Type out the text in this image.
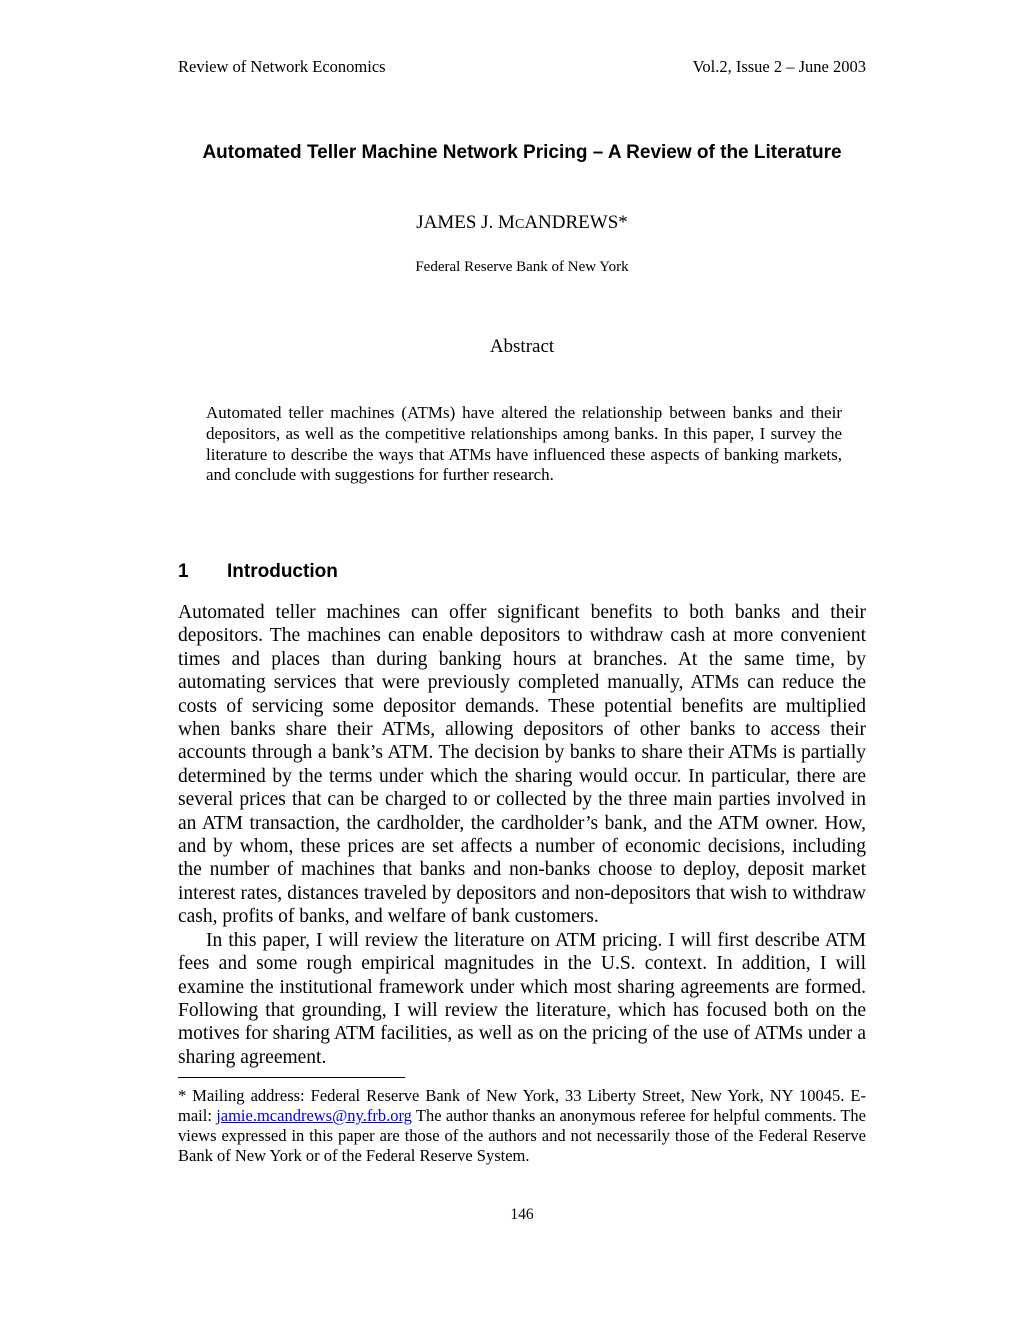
Review of Network Economics	Vol.2, Issue 2 – June 2003
Automated Teller Machine Network Pricing – A Review of the Literature
JAMES J. MCANDREWS*
Federal Reserve Bank of New York
Abstract
Automated teller machines (ATMs) have altered the relationship between banks and their depositors, as well as the competitive relationships among banks. In this paper, I survey the literature to describe the ways that ATMs have influenced these aspects of banking markets, and conclude with suggestions for further research.
1 Introduction

Automated teller machines can offer significant benefits to both banks and their depositors. The machines can enable depositors to withdraw cash at more convenient times and places than during banking hours at branches. At the same time, by automating services that were previously completed manually, ATMs can reduce the costs of servicing some depositor demands. These potential benefits are multiplied when banks share their ATMs, allowing depositors of other banks to access their accounts through a bank’s ATM. The decision by banks to share their ATMs is partially determined by the terms under which the sharing would occur. In particular, there are several prices that can be charged to or collected by the three main parties involved in an ATM transaction, the cardholder, the cardholder’s bank, and the ATM owner. How, and by whom, these prices are set affects a number of economic decisions, including the number of machines that banks and non-banks choose to deploy, deposit market interest rates, distances traveled by depositors and non-depositors that wish to withdraw cash, profits of banks, and welfare of bank customers.

In this paper, I will review the literature on ATM pricing. I will first describe ATM fees and some rough empirical magnitudes in the U.S. context. In addition, I will examine the institutional framework under which most sharing agreements are formed. Following that grounding, I will review the literature, which has focused both on the motives for sharing ATM facilities, as well as on the pricing of the use of ATMs under a sharing agreement.

* Mailing address: Federal Reserve Bank of New York, 33 Liberty Street, New York, NY 10045. E-mail: jamie.mcandrews@ny.frb.org The author thanks an anonymous referee for helpful comments. The views expressed in this paper are those of the authors and not necessarily those of the Federal Reserve Bank of New York or of the Federal Reserve System.
146
